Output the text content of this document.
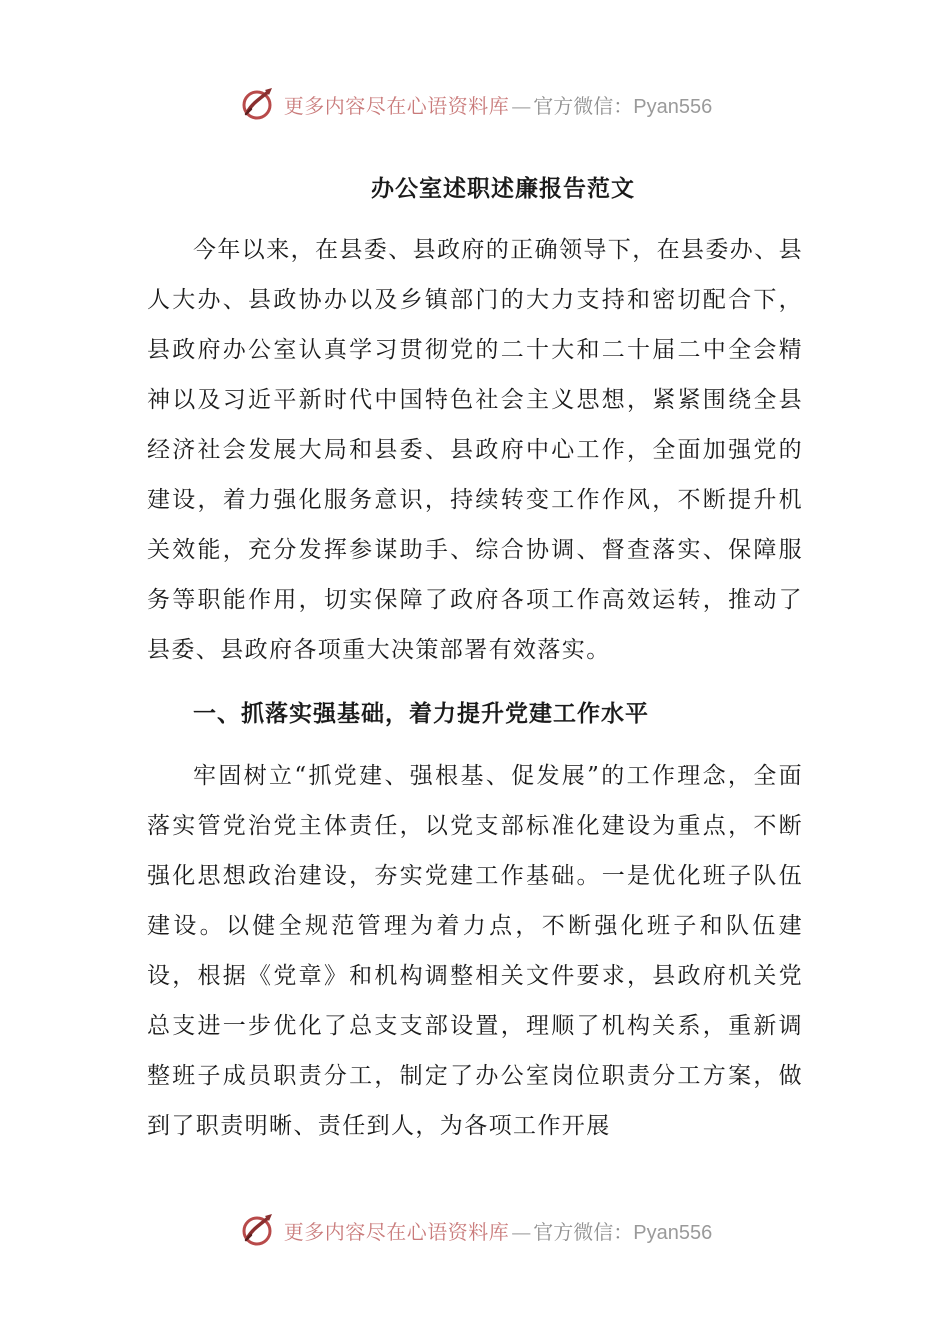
更多内容尽在心语资料库 — 官方微信： Pyan556
办公室述职述廉报告范文

今年以来，在县委、县政府的正确领导下，在县委办、县人大办、县政协办以及乡镇部门的大力支持和密切配合下，县政府办公室认真学习贯彻党的二十大和二十届二中全会精神以及习近平新时代中国特色社会主义思想，紧紧围绕全县经济社会发展大局和县委、县政府中心工作，全面加强党的建设，着力强化服务意识，持续转变工作作风，不断提升机关效能，充分发挥参谋助手、综合协调、督查落实、保障服务等职能作用，切实保障了政府各项工作高效运转，推动了县委、县政府各项重大决策部署有效落实。

一、抓落实强基础，着力提升党建工作水平

牢固树立“抓党建、强根基、促发展”的工作理念，全面落实管党治党主体责任，以党支部标准化建设为重点，不断强化思想政治建设，夯实党建工作基础。一是优化班子队伍建设。以健全规范管理为着力点，不断强化班子和队伍建设，根据《党章》和机构调整相关文件要求，县政府机关党总支进一步优化了总支支部设置，理顺了机构关系，重新调整班子成员职责分工，制定了办公室岗位职责分工方案，做到了职责明晰、责任到人，为各项工作开展

更多内容尽在心语资料库 — 官方微信： Pyan556
